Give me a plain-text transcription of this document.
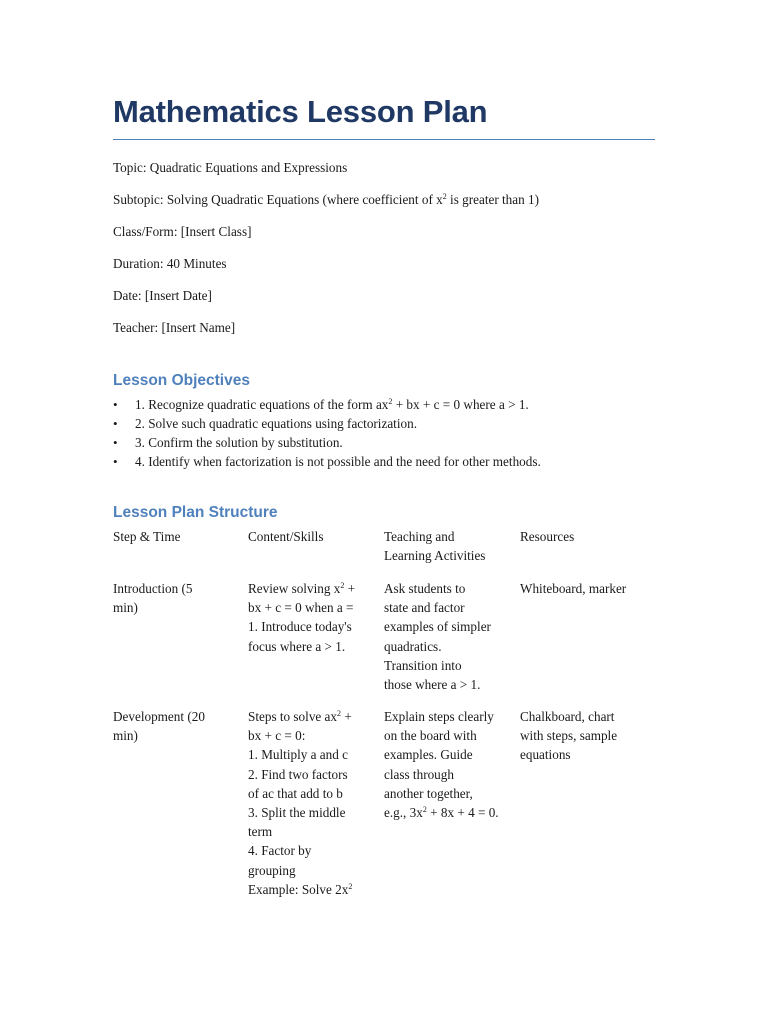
Mathematics Lesson Plan
Topic: Quadratic Equations and Expressions
Subtopic: Solving Quadratic Equations (where coefficient of $x^2$ is greater than 1)
Class/Form: [Insert Class]
Duration: 40 Minutes
Date: [Insert Date]
Teacher: [Insert Name]
Lesson Objectives
• 1. Recognize quadratic equations of the form $ax^2$ + bx + c = 0 where a > 1.
• 2. Solve such quadratic equations using factorization.
• 3. Confirm the solution by substitution.
• 4. Identify when factorization is not possible and the need for other methods.
Lesson Plan Structure
Step & Time	Content/Skills	Teaching and
Learning Activities
Resources
Introduction (5
min)
Review solving $x^2$ +
bx + c = 0 when a =
1. Introduce today's
focus where a > 1.
Ask students to
state and factor
examples of simpler
quadratics.
Transition into
those where a > 1.
Whiteboard, marker
Development (20
min)
Steps to solve $ax^2$ +
bx + c = 0:
1. Multiply a and c
2. Find two factors
of ac that add to b
3. Split the middle
term
4. Factor by
grouping
Example: Solve $2x^2$
Explain steps clearly
on the board with
examples. Guide
class through
another together,
e.g., $3x^2 + 8x + 4 = 0$.
Chalkboard, chart
with steps, sample
equations
